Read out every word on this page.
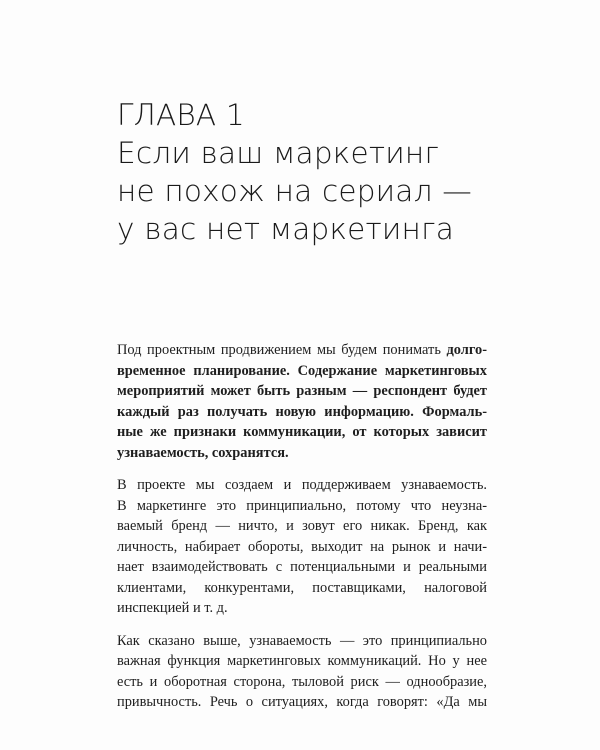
ГЛАВА 1
Если ваш маркетинг
не похож на сериал —
у вас нет маркетинга
Под проектным продвижением мы будем понимать долго-
временное планирование. Содержание маркетинговых
мероприятий может быть разным — респондент будет
каждый раз получать новую информацию. Формаль-
ные же признаки коммуникации, от которых зависит
узнаваемость, сохранятся.
В проекте мы создаем и поддерживаем узнаваемость.
В маркетинге это принципиально, потому что неузна-
ваемый бренд — ничто, и зовут его никак. Бренд, как
личность, набирает обороты, выходит на рынок и начи-
нает взаимодействовать с потенциальными и реальными
клиентами, конкурентами, поставщиками, налоговой
инспекцией и т. д.
Как сказано выше, узнаваемость — это принципиально
важная функция маркетинговых коммуникаций. Но у нее
есть и оборотная сторона, тыловой риск — однообразие,
привычность. Речь о ситуациях, когда говорят: «Да мы
